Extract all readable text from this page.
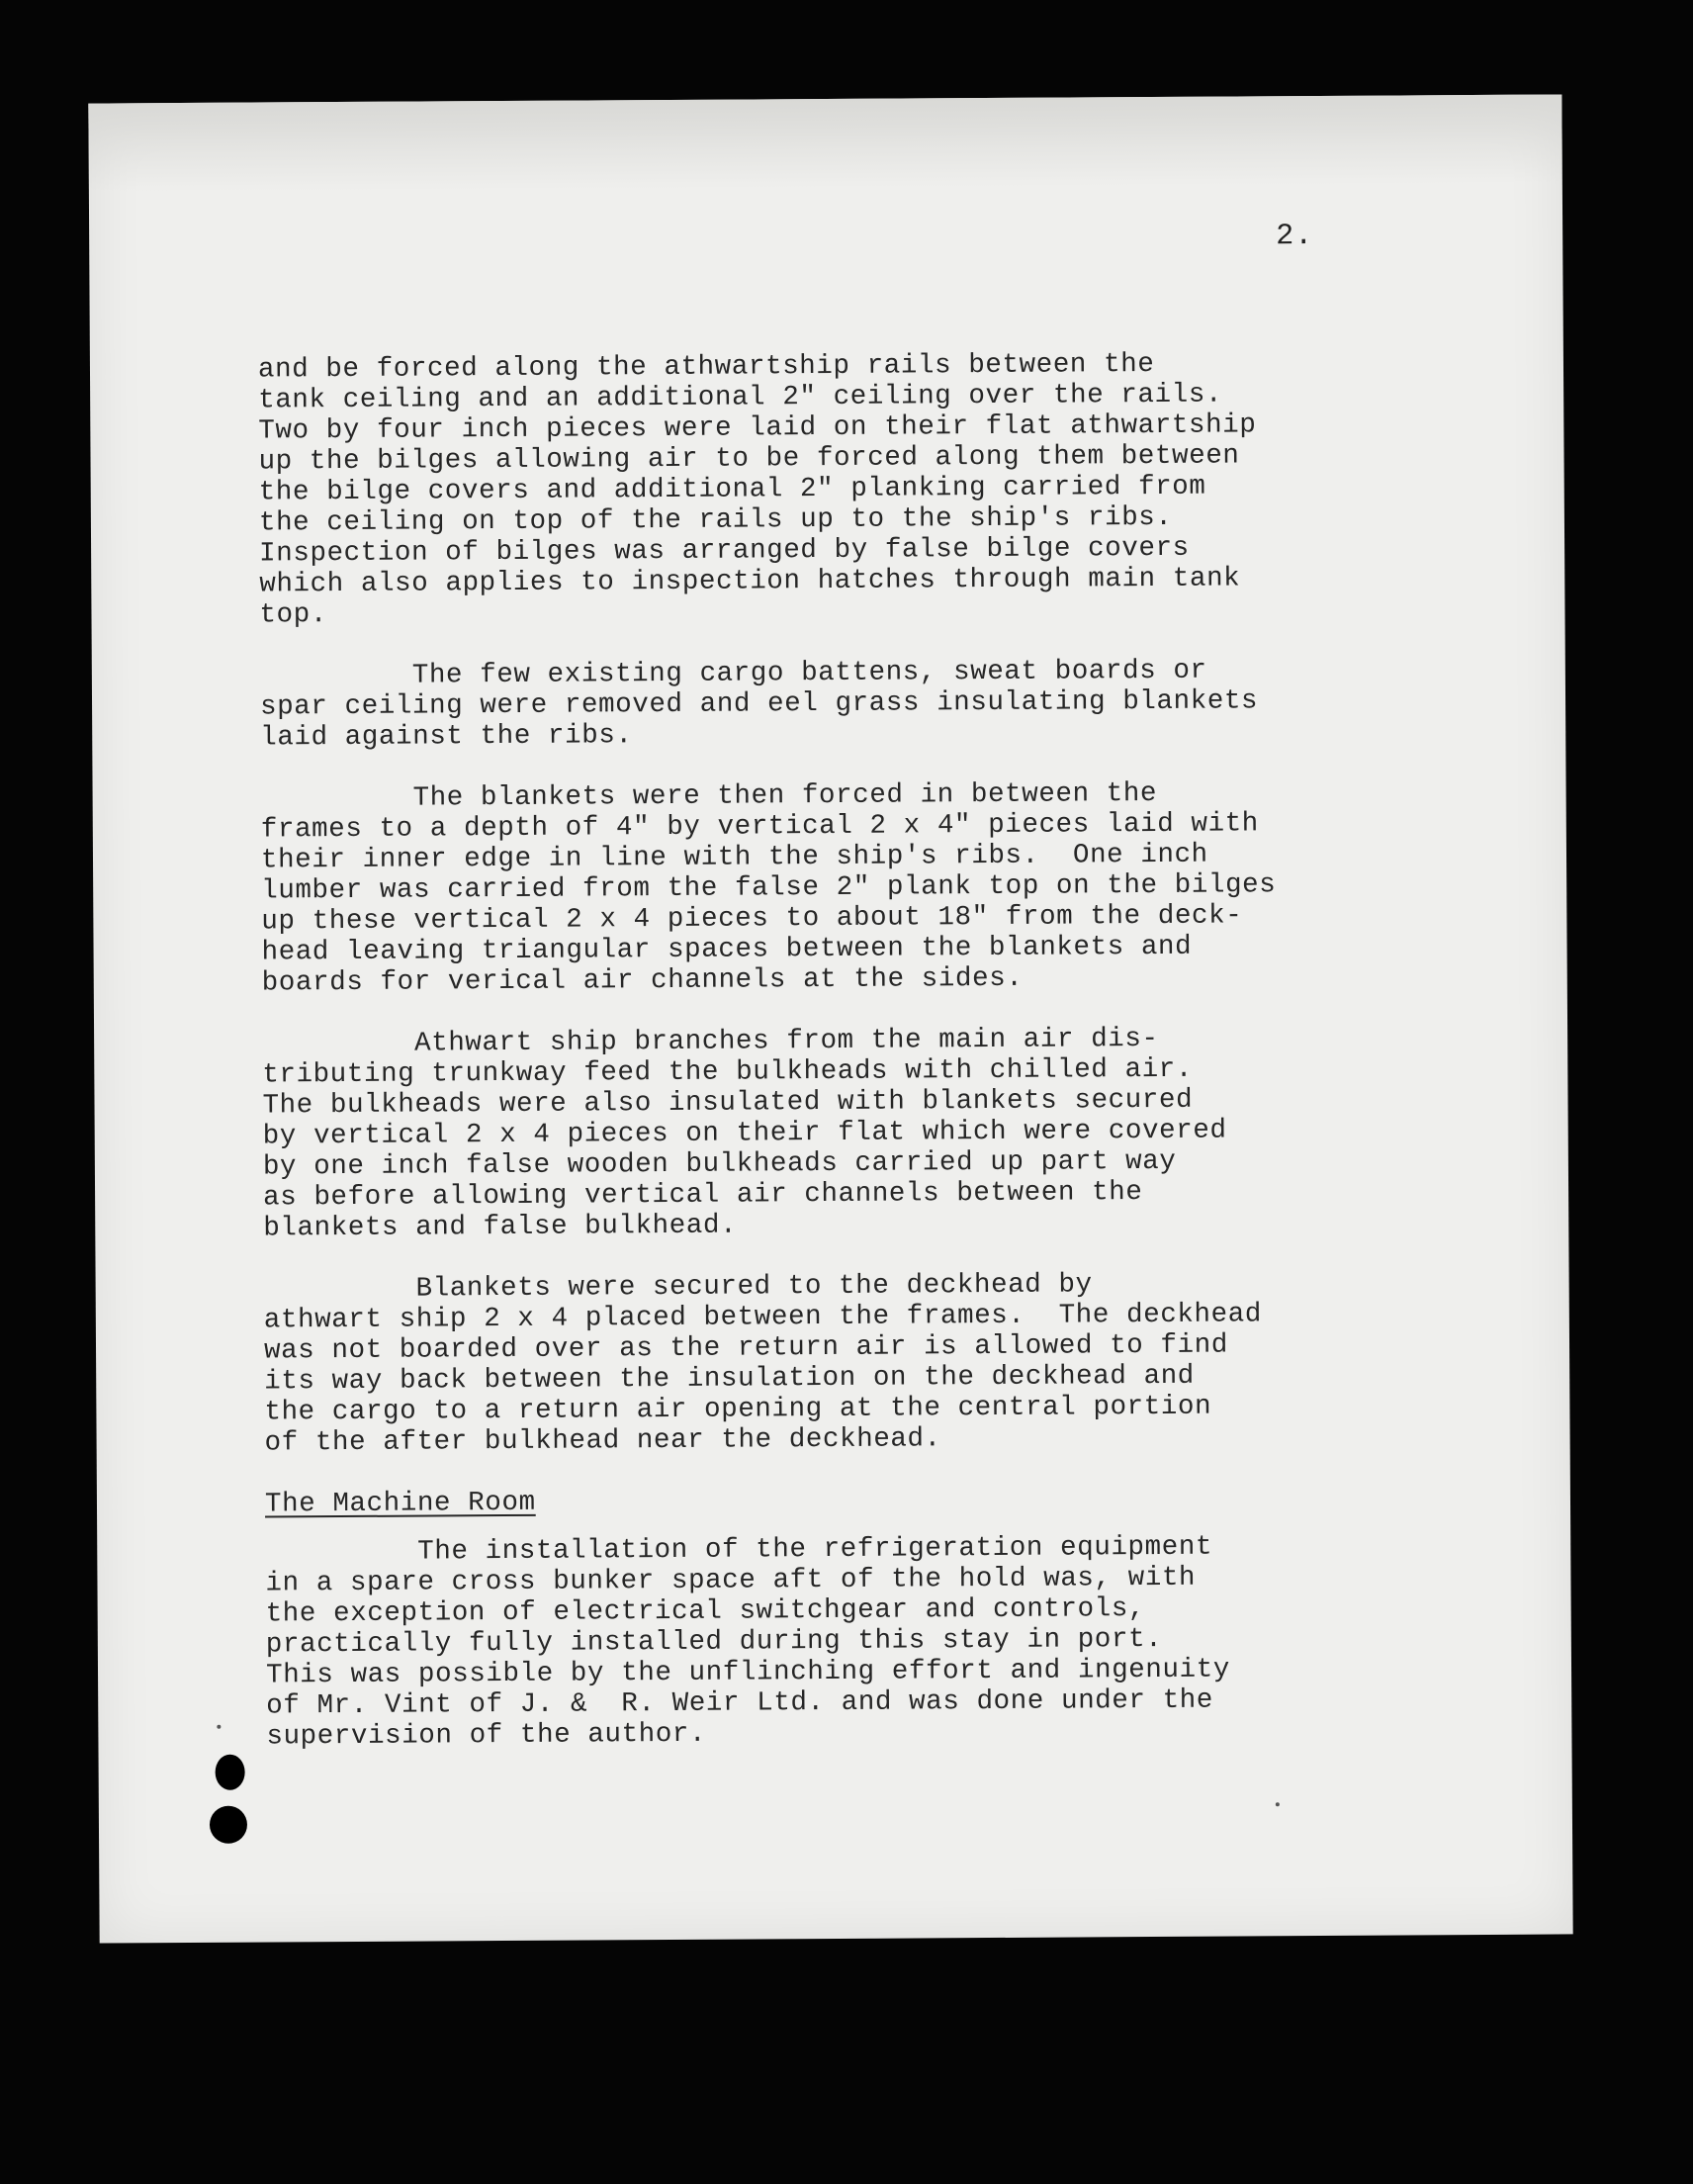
2.
and be forced along the athwartship rails between the
tank ceiling and an additional 2" ceiling over the rails.
Two by four inch pieces were laid on their flat athwartship
up the bilges allowing air to be forced along them between
the bilge covers and additional 2" planking carried from
the ceiling on top of the rails up to the ship's ribs.
Inspection of bilges was arranged by false bilge covers
which also applies to inspection hatches through main tank
top.
The few existing cargo battens, sweat boards or
spar ceiling were removed and eel grass insulating blankets
laid against the ribs.
The blankets were then forced in between the
frames to a depth of 4" by vertical 2 x 4" pieces laid with
their inner edge in line with the ship's ribs.  One inch
lumber was carried from the false 2" plank top on the bilges
up these vertical 2 x 4 pieces to about 18" from the deck-
head leaving triangular spaces between the blankets and
boards for verical air channels at the sides.
Athwart ship branches from the main air dis-
tributing trunkway feed the bulkheads with chilled air.
The bulkheads were also insulated with blankets secured
by vertical 2 x 4 pieces on their flat which were covered
by one inch false wooden bulkheads carried up part way
as before allowing vertical air channels between the
blankets and false bulkhead.
Blankets were secured to the deckhead by
athwart ship 2 x 4 placed between the frames.  The deckhead
was not boarded over as the return air is allowed to find
its way back between the insulation on the deckhead and
the cargo to a return air opening at the central portion
of the after bulkhead near the deckhead.
The Machine Room
The installation of the refrigeration equipment
in a spare cross bunker space aft of the hold was, with
the exception of electrical switchgear and controls,
practically fully installed during this stay in port.
This was possible by the unflinching effort and ingenuity
of Mr. Vint of J. &  R. Weir Ltd. and was done under the
supervision of the author.
